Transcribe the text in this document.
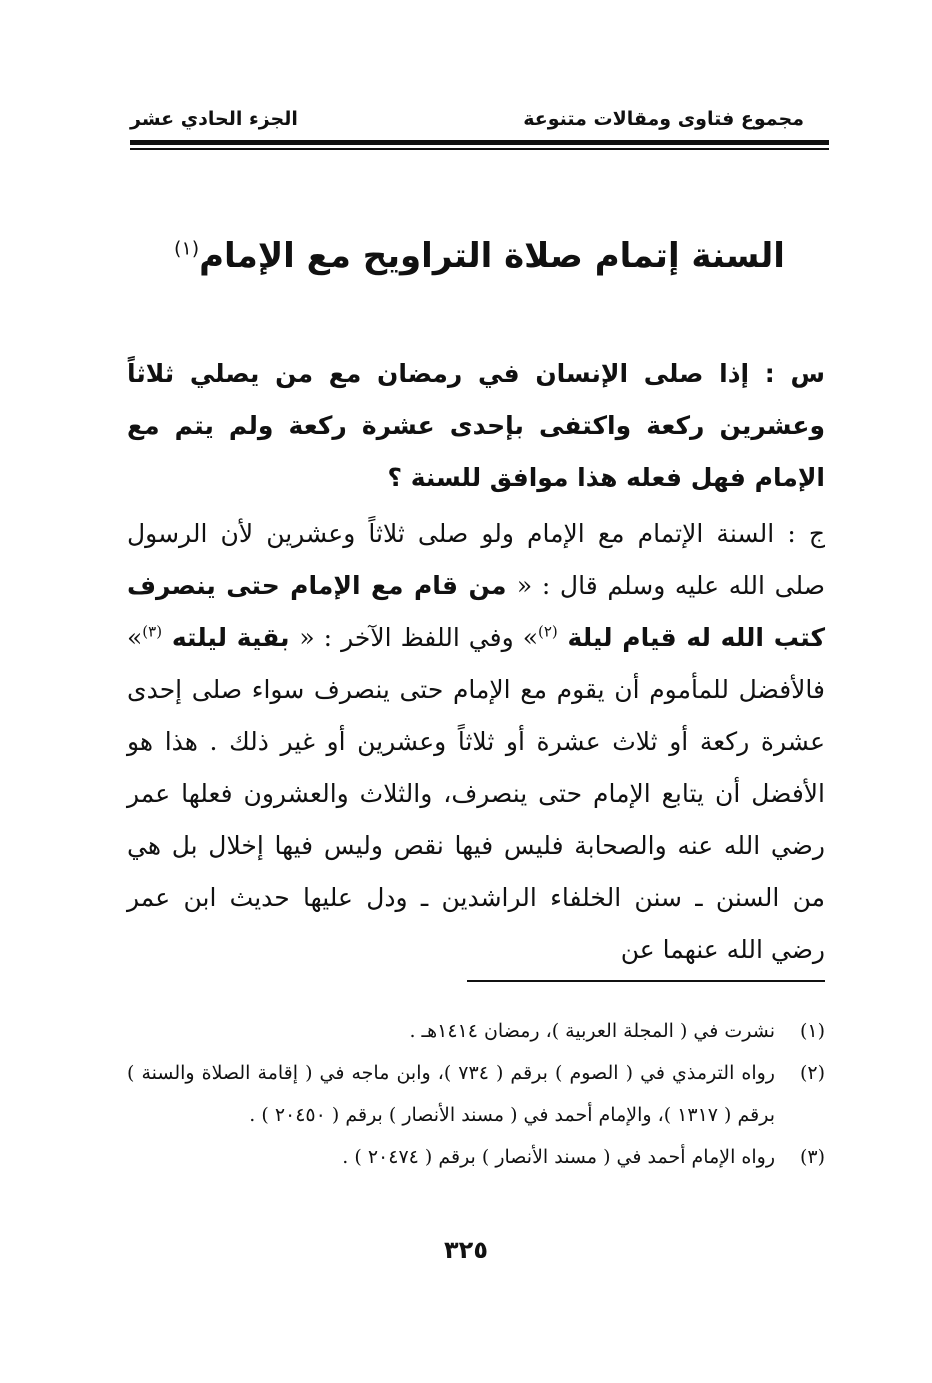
مجموع فتاوى ومقالات متنوعة
الجزء الحادي عشر
السنة إتمام صلاة التراويح مع الإمام$^{(١)}$

س : إذا صلى الإنسان في رمضان مع من يصلي ثلاثاً وعشرين ركعة واكتفى بإحدى عشرة ركعة ولم يتم مع الإمام فهل فعله هذا موافق للسنة ؟

ج : السنة الإتمام مع الإمام ولو صلى ثلاثاً وعشرين لأن الرسول صلى الله عليه وسلم قال : « من قام مع الإمام حتى ينصرف كتب الله له قيام ليلة $^{(٢)}$» وفي اللفظ الآخر : « بقية ليلته $^{(٣)}$» فالأفضل للمأموم أن يقوم مع الإمام حتى ينصرف سواء صلى إحدى عشرة ركعة أو ثلاث عشرة أو ثلاثاً وعشرين أو غير ذلك . هذا هو الأفضل أن يتابع الإمام حتى ينصرف، والثلاث والعشرون فعلها عمر رضي الله عنه والصحابة فليس فيها نقص وليس فيها إخلال بل هي من السنن ـ سنن الخلفاء الراشدين ـ ودل عليها حديث ابن عمر رضي الله عنهما عن

(١)
نشرت في ( المجلة العربية )، رمضان ١٤١٤هـ .
(٢)
رواه الترمذي في ( الصوم ) برقم ( ٧٣٤ )، وابن ماجه في ( إقامة الصلاة والسنة ) برقم ( ١٣١٧ )، والإمام أحمد في ( مسند الأنصار ) برقم ( ٢٠٤٥٠ ) .
(٣)
رواه الإمام أحمد في ( مسند الأنصار ) برقم ( ٢٠٤٧٤ ) .
٣٢٥
